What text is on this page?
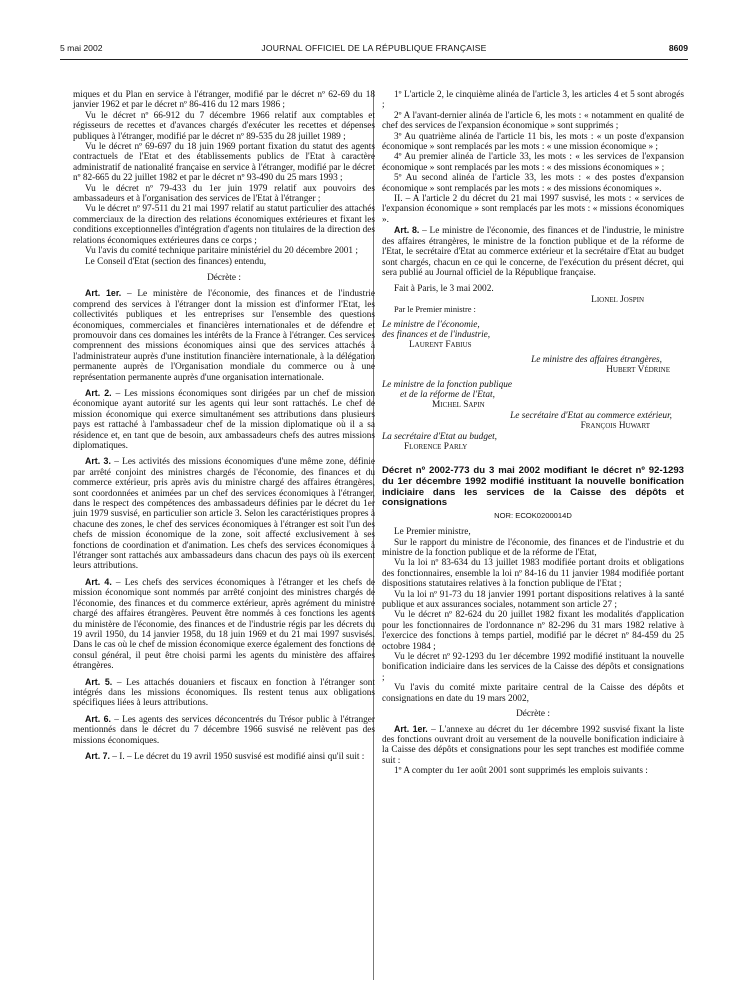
5 mai 2002	JOURNAL OFFICIEL DE LA RÉPUBLIQUE FRANÇAISE	8609

miques et du Plan en service à l'étranger, modifié par le décret nº 62-69 du 18 janvier 1962 et par le décret nº 86-416 du 12 mars 1986 ;

Vu le décret nº 66-912 du 7 décembre 1966 relatif aux comptables et régisseurs de recettes et d'avances chargés d'exécuter les recettes et dépenses publiques à l'étranger, modifié par le décret nº 89-535 du 28 juillet 1989 ;

Vu le décret nº 69-697 du 18 juin 1969 portant fixation du statut des agents contractuels de l'Etat et des établissements publics de l'Etat à caractère administratif de nationalité française en service à l'étranger, modifié par le décret nº 82-665 du 22 juillet 1982 et par le décret nº 93-490 du 25 mars 1993 ;

Vu le décret nº 79-433 du 1er juin 1979 relatif aux pouvoirs des ambassadeurs et à l'organisation des services de l'Etat à l'étranger ;

Vu le décret nº 97-511 du 21 mai 1997 relatif au statut particulier des attachés commerciaux de la direction des relations économiques extérieures et fixant les conditions exceptionnelles d'intégration d'agents non titulaires de la direction des relations économiques extérieures dans ce corps ;

Vu l'avis du comité technique paritaire ministériel du 20 décembre 2001 ;

Le Conseil d'Etat (section des finances) entendu,

Décrète :

Art. 1er. – Le ministère de l'économie, des finances et de l'industrie comprend des services à l'étranger dont la mission est d'informer l'Etat, les collectivités publiques et les entreprises sur l'ensemble des questions économiques, commerciales et financières internationales et de défendre et promouvoir dans ces domaines les intérêts de la France à l'étranger. Ces services comprennent des missions économiques ainsi que des services attachés à l'administrateur auprès d'une institution financière internationale, à la délégation permanente auprès de l'Organisation mondiale du commerce ou à une représentation permanente auprès d'une organisation internationale.

Art. 2. – Les missions économiques sont dirigées par un chef de mission économique ayant autorité sur les agents qui leur sont rattachés. Le chef de mission économique qui exerce simultanément ses attributions dans plusieurs pays est rattaché à l'ambassadeur chef de la mission diplomatique où il a sa résidence et, en tant que de besoin, aux ambassadeurs chefs des autres missions diplomatiques.

Art. 3. – Les activités des missions économiques d'une même zone, définie par arrêté conjoint des ministres chargés de l'économie, des finances et du commerce extérieur, pris après avis du ministre chargé des affaires étrangères, sont coordonnées et animées par un chef des services économiques à l'étranger, dans le respect des compétences des ambassadeurs définies par le décret du 1er juin 1979 susvisé, en particulier son article 3. Selon les caractéristiques propres à chacune des zones, le chef des services économiques à l'étranger est soit l'un des chefs de mission économique de la zone, soit affecté exclusivement à ses fonctions de coordination et d'animation. Les chefs des services économiques à l'étranger sont rattachés aux ambassadeurs dans chacun des pays où ils exercent leurs attributions.

Art. 4. – Les chefs des services économiques à l'étranger et les chefs de mission économique sont nommés par arrêté conjoint des ministres chargés de l'économie, des finances et du commerce extérieur, après agrément du ministre chargé des affaires étrangères. Peuvent être nommés à ces fonctions les agents du ministère de l'économie, des finances et de l'industrie régis par les décrets du 19 avril 1950, du 14 janvier 1958, du 18 juin 1969 et du 21 mai 1997 susvisés. Dans le cas où le chef de mission économique exerce également des fonctions de consul général, il peut être choisi parmi les agents du ministère des affaires étrangères.

Art. 5. – Les attachés douaniers et fiscaux en fonction à l'étranger sont intégrés dans les missions économiques. Ils restent tenus aux obligations spécifiques liées à leurs attributions.

Art. 6. – Les agents des services déconcentrés du Trésor public à l'étranger mentionnés dans le décret du 7 décembre 1966 susvisé ne relèvent pas des missions économiques.

Art. 7. – I. – Le décret du 19 avril 1950 susvisé est modifié ainsi qu'il suit :

1º L'article 2, le cinquième alinéa de l'article 3, les articles 4 et 5 sont abrogés ;

2º A l'avant-dernier alinéa de l'article 6, les mots : « notamment en qualité de chef des services de l'expansion économique » sont supprimés ;

3º Au quatrième alinéa de l'article 11 bis, les mots : « un poste d'expansion économique » sont remplacés par les mots : « une mission économique » ;

4º Au premier alinéa de l'article 33, les mots : « les services de l'expansion économique » sont remplacés par les mots : « des missions économiques » ;

5º Au second alinéa de l'article 33, les mots : « des postes d'expansion économique » sont remplacés par les mots : « des missions économiques ».

II. – A l'article 2 du décret du 21 mai 1997 susvisé, les mots : « services de l'expansion économique » sont remplacés par les mots : « missions économiques ».

Art. 8. – Le ministre de l'économie, des finances et de l'industrie, le ministre des affaires étrangères, le ministre de la fonction publique et de la réforme de l'Etat, le secrétaire d'Etat au commerce extérieur et la secrétaire d'Etat au budget sont chargés, chacun en ce qui le concerne, de l'exécution du présent décret, qui sera publié au Journal officiel de la République française.

Fait à Paris, le 3 mai 2002.

Lionel Jospin

Par le Premier ministre :

Le ministre de l'économie,

des finances et de l'industrie,

Laurent Fabius

Le ministre des affaires étrangères,

Hubert Védrine

Le ministre de la fonction publique

et de la réforme de l'Etat,

Michel Sapin

Le secrétaire d'Etat au commerce extérieur,

François Huwart

La secrétaire d'Etat au budget,

Florence Parly

Décret nº 2002-773 du 3 mai 2002 modifiant le décret nº 92-1293 du 1er décembre 1992 modifié instituant la nouvelle bonification indiciaire dans les services de la Caisse des dépôts et consignations

NOR: ECOK0200014D

Le Premier ministre,

Sur le rapport du ministre de l'économie, des finances et de l'industrie et du ministre de la fonction publique et de la réforme de l'Etat,

Vu la loi nº 83-634 du 13 juillet 1983 modifiée portant droits et obligations des fonctionnaires, ensemble la loi nº 84-16 du 11 janvier 1984 modifiée portant dispositions statutaires relatives à la fonction publique de l'Etat ;

Vu la loi nº 91-73 du 18 janvier 1991 portant dispositions relatives à la santé publique et aux assurances sociales, notamment son article 27 ;

Vu le décret nº 82-624 du 20 juillet 1982 fixant les modalités d'application pour les fonctionnaires de l'ordonnance nº 82-296 du 31 mars 1982 relative à l'exercice des fonctions à temps partiel, modifié par le décret nº 84-459 du 25 octobre 1984 ;

Vu le décret nº 92-1293 du 1er décembre 1992 modifié instituant la nouvelle bonification indiciaire dans les services de la Caisse des dépôts et consignations ;

Vu l'avis du comité mixte paritaire central de la Caisse des dépôts et consignations en date du 19 mars 2002,

Décrète :

Art. 1er. – L'annexe au décret du 1er décembre 1992 susvisé fixant la liste des fonctions ouvrant droit au versement de la nouvelle bonification indiciaire à la Caisse des dépôts et consignations pour les sept tranches est modifiée comme suit :

1º A compter du 1er août 2001 sont supprimés les emplois suivants :
